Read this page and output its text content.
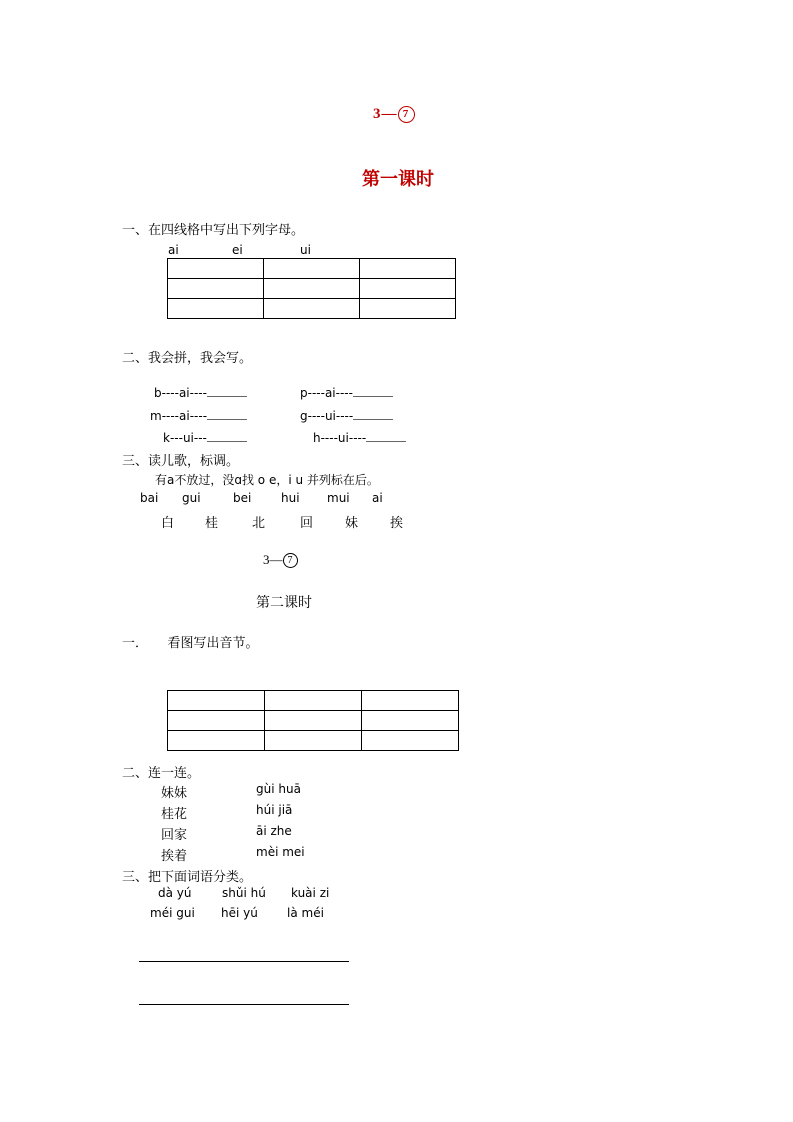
3— 7
第一课时
一、在四线格中写出下列字母。
ai	ei	ui

二、我会拼，我会写。
b----ai----	p----ai----
m----ai----	g----ui----
k---ui---	h----ui----
三、读儿歌，标调。
有a不放过，没ɑ找 o e，i u 并列标在后。
bai gui	bei hui mui ai
白 桂	北	回 妹 挨
3— 7
第二课时
一．　　看图写出音节。

二、连一连。
妹妹	gùi huā
桂花	húi jiā
回家	āi zhe
挨着	mèi mei
三、把下面词语分类。
dà yú	shǔi hú kuài zi
méi gui hēi yú là méi
